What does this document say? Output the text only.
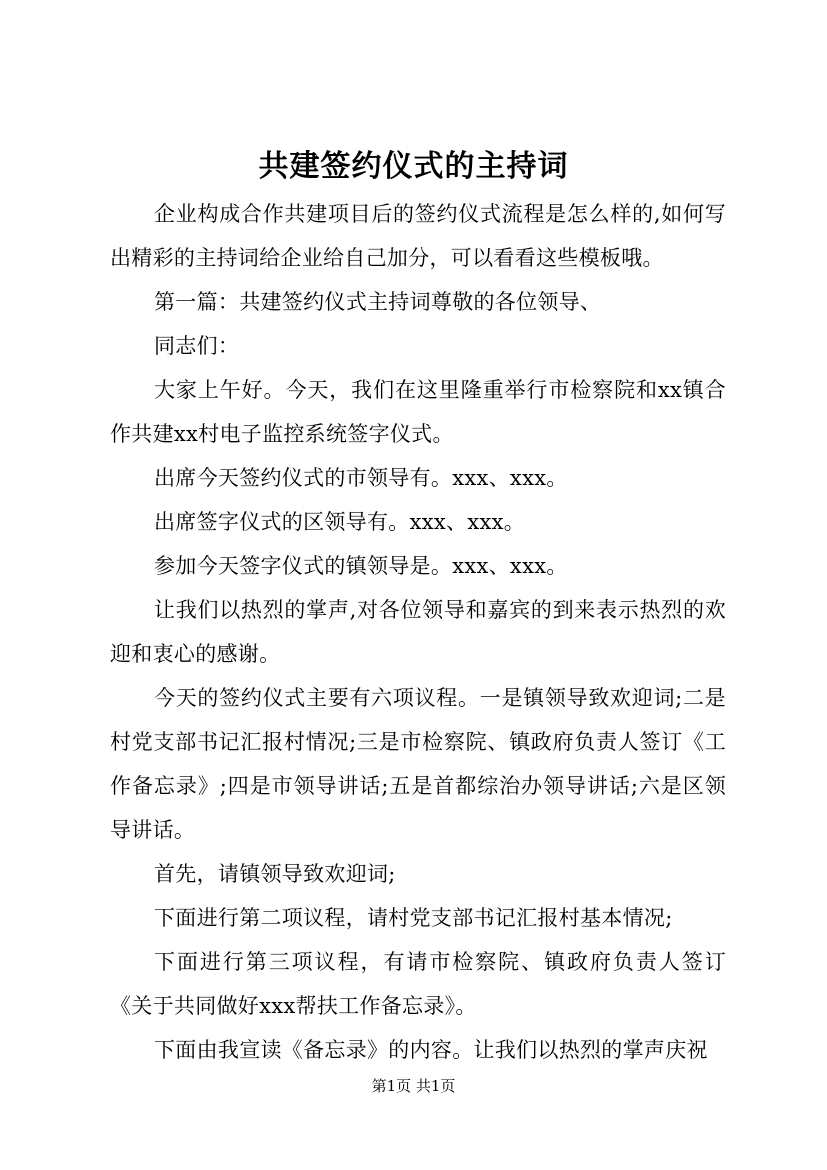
共建签约仪式的主持词

企业构成合作共建项目后的签约仪式流程是怎么样的,如何写出精彩的主持词给企业给自己加分，可以看看这些模板哦。

第一篇：共建签约仪式主持词尊敬的各位领导、

同志们：

大家上午好。今天，我们在这里隆重举行市检察院和xx镇合作共建xx村电子监控系统签字仪式。

出席今天签约仪式的市领导有。xxx、xxx。

出席签字仪式的区领导有。xxx、xxx。

参加今天签字仪式的镇领导是。xxx、xxx。

让我们以热烈的掌声,对各位领导和嘉宾的到来表示热烈的欢迎和衷心的感谢。

今天的签约仪式主要有六项议程。一是镇领导致欢迎词;二是村党支部书记汇报村情况;三是市检察院、镇政府负责人签订《工作备忘录》;四是市领导讲话;五是首都综治办领导讲话;六是区领导讲话。

首先，请镇领导致欢迎词;

下面进行第二项议程，请村党支部书记汇报村基本情况;

下面进行第三项议程，有请市检察院、镇政府负责人签订《关于共同做好xxx帮扶工作备忘录》。

下面由我宣读《备忘录》的内容。让我们以热烈的掌声庆祝

第1页 共1页
